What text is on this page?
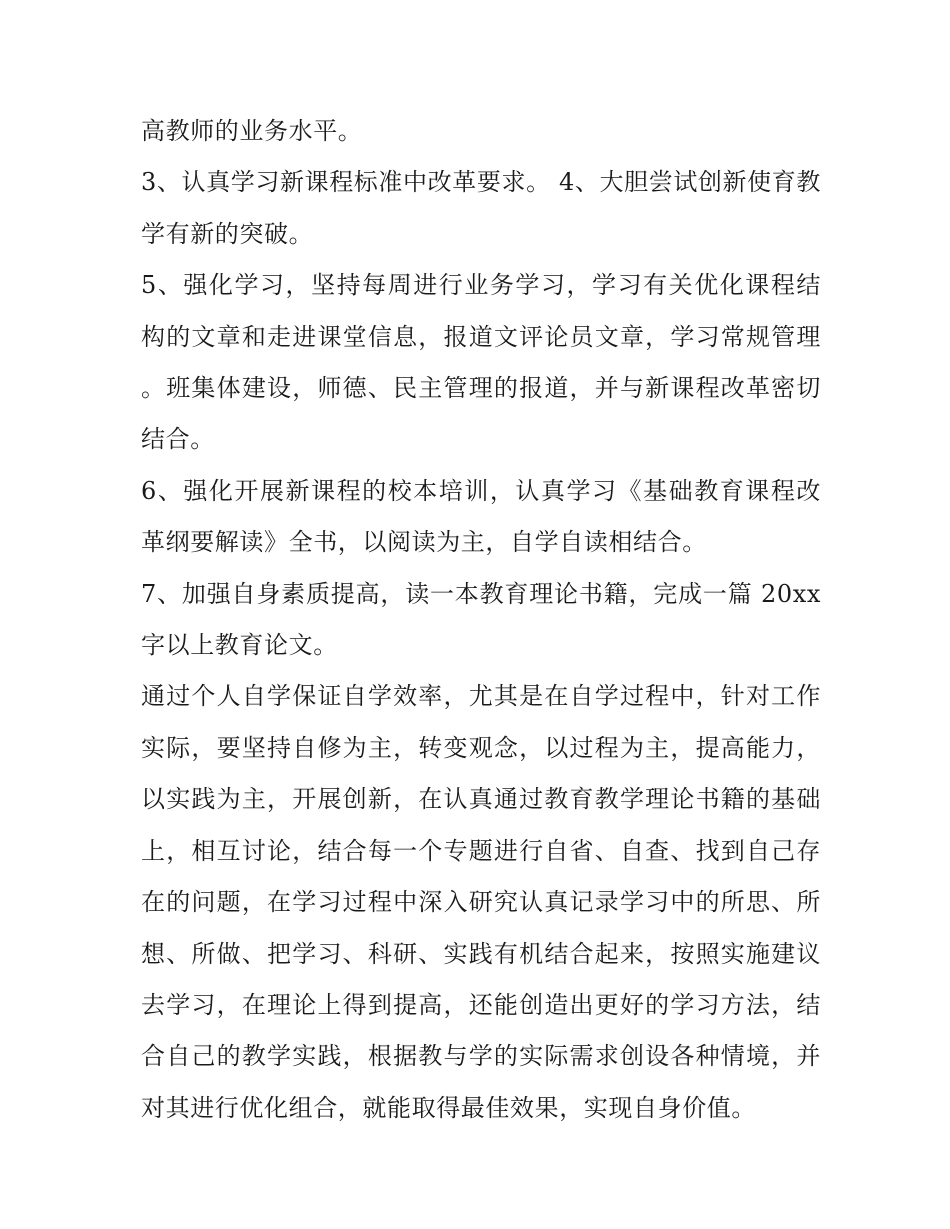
高教师的业务水平。

3、认真学习新课程标准中改革要求。 4、大胆尝试创新使育教学有新的突破。

5、强化学习，坚持每周进行业务学习，学习有关优化课程结构的文章和走进课堂信息，报道文评论员文章，学习常规管理。班集体建设，师德、民主管理的报道，并与新课程改革密切结合。

6、强化开展新课程的校本培训，认真学习《基础教育课程改革纲要解读》全书，以阅读为主，自学自读相结合。

7、加强自身素质提高，读一本教育理论书籍，完成一篇 20xx 字以上教育论文。

通过个人自学保证自学效率，尤其是在自学过程中，针对工作实际，要坚持自修为主，转变观念，以过程为主，提高能力，以实践为主，开展创新，在认真通过教育教学理论书籍的基础上，相互讨论，结合每一个专题进行自省、自查、找到自己存在的问题，在学习过程中深入研究认真记录学习中的所思、所想、所做、把学习、科研、实践有机结合起来，按照实施建议去学习，在理论上得到提高，还能创造出更好的学习方法，结合自己的教学实践，根据教与学的实际需求创设各种情境，并对其进行优化组合，就能取得最佳效果，实现自身价值。
